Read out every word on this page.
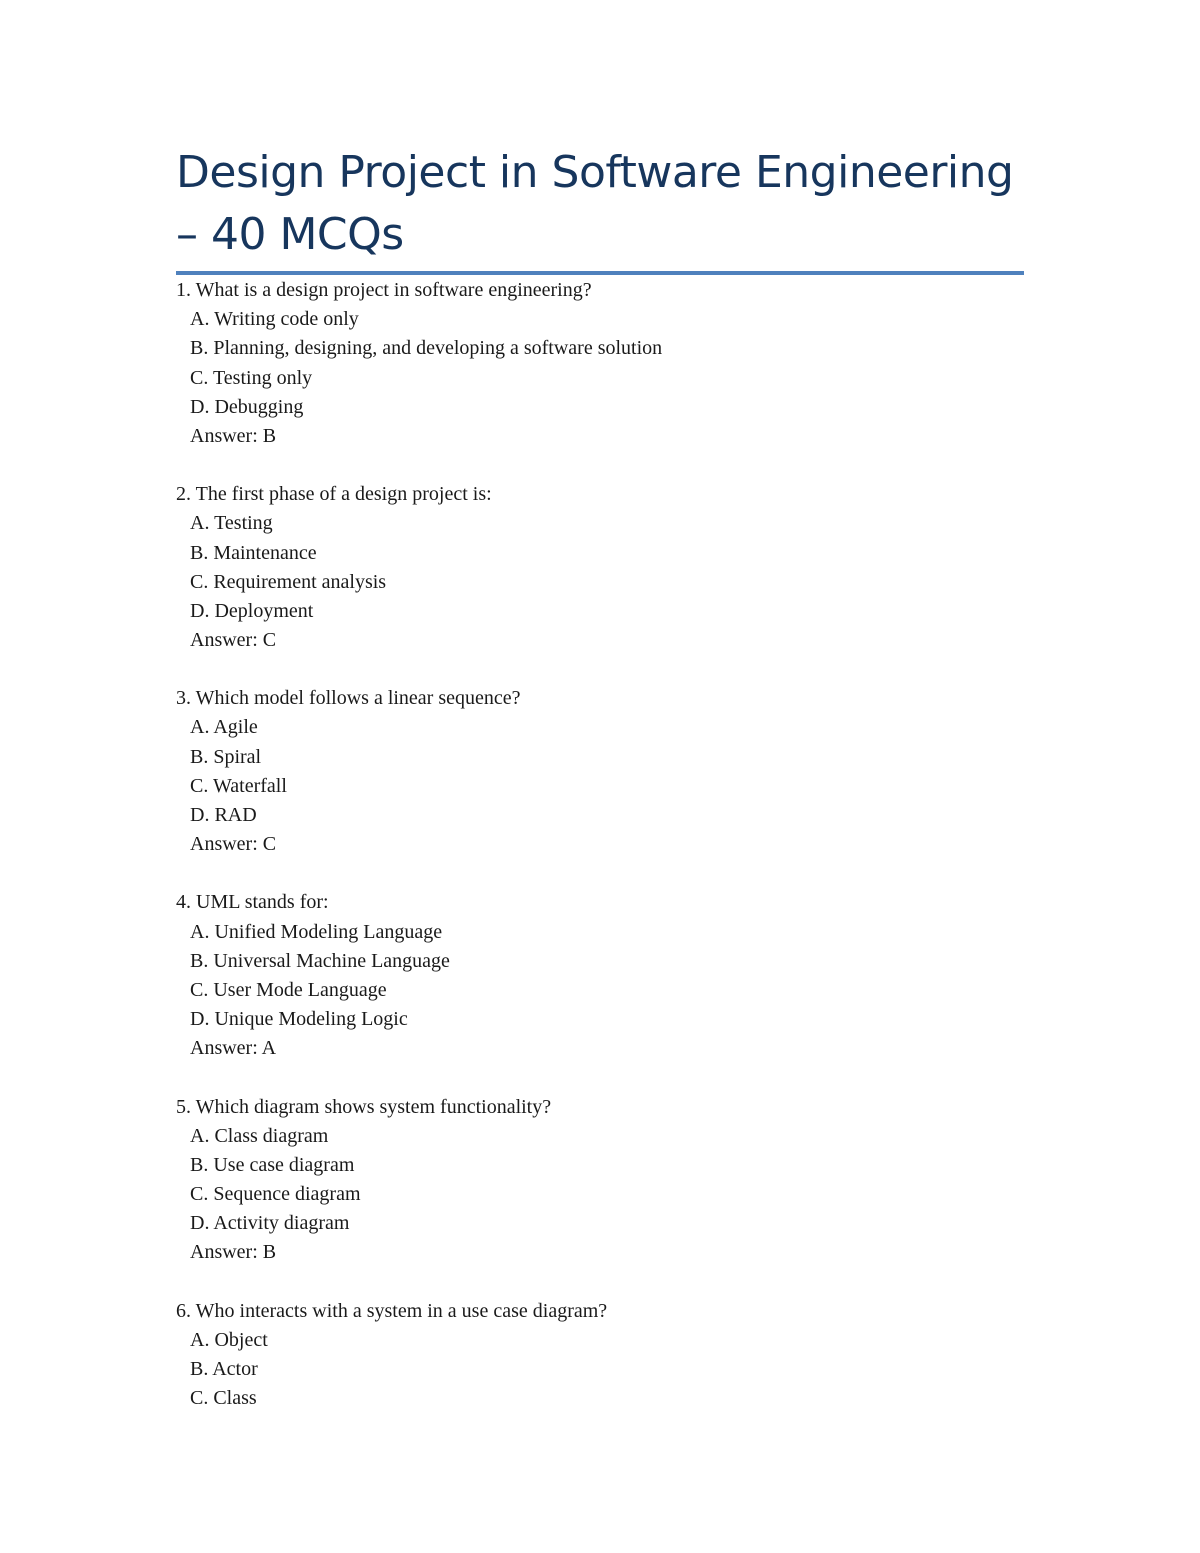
Design Project in Software Engineering – 40 MCQs
1. What is a design project in software engineering?
A. Writing code only
B. Planning, designing, and developing a software solution
C. Testing only
D. Debugging
Answer: B
2. The first phase of a design project is:
A. Testing
B. Maintenance
C. Requirement analysis
D. Deployment
Answer: C
3. Which model follows a linear sequence?
A. Agile
B. Spiral
C. Waterfall
D. RAD
Answer: C
4. UML stands for:
A. Unified Modeling Language
B. Universal Machine Language
C. User Mode Language
D. Unique Modeling Logic
Answer: A
5. Which diagram shows system functionality?
A. Class diagram
B. Use case diagram
C. Sequence diagram
D. Activity diagram
Answer: B
6. Who interacts with a system in a use case diagram?
A. Object
B. Actor
C. Class
